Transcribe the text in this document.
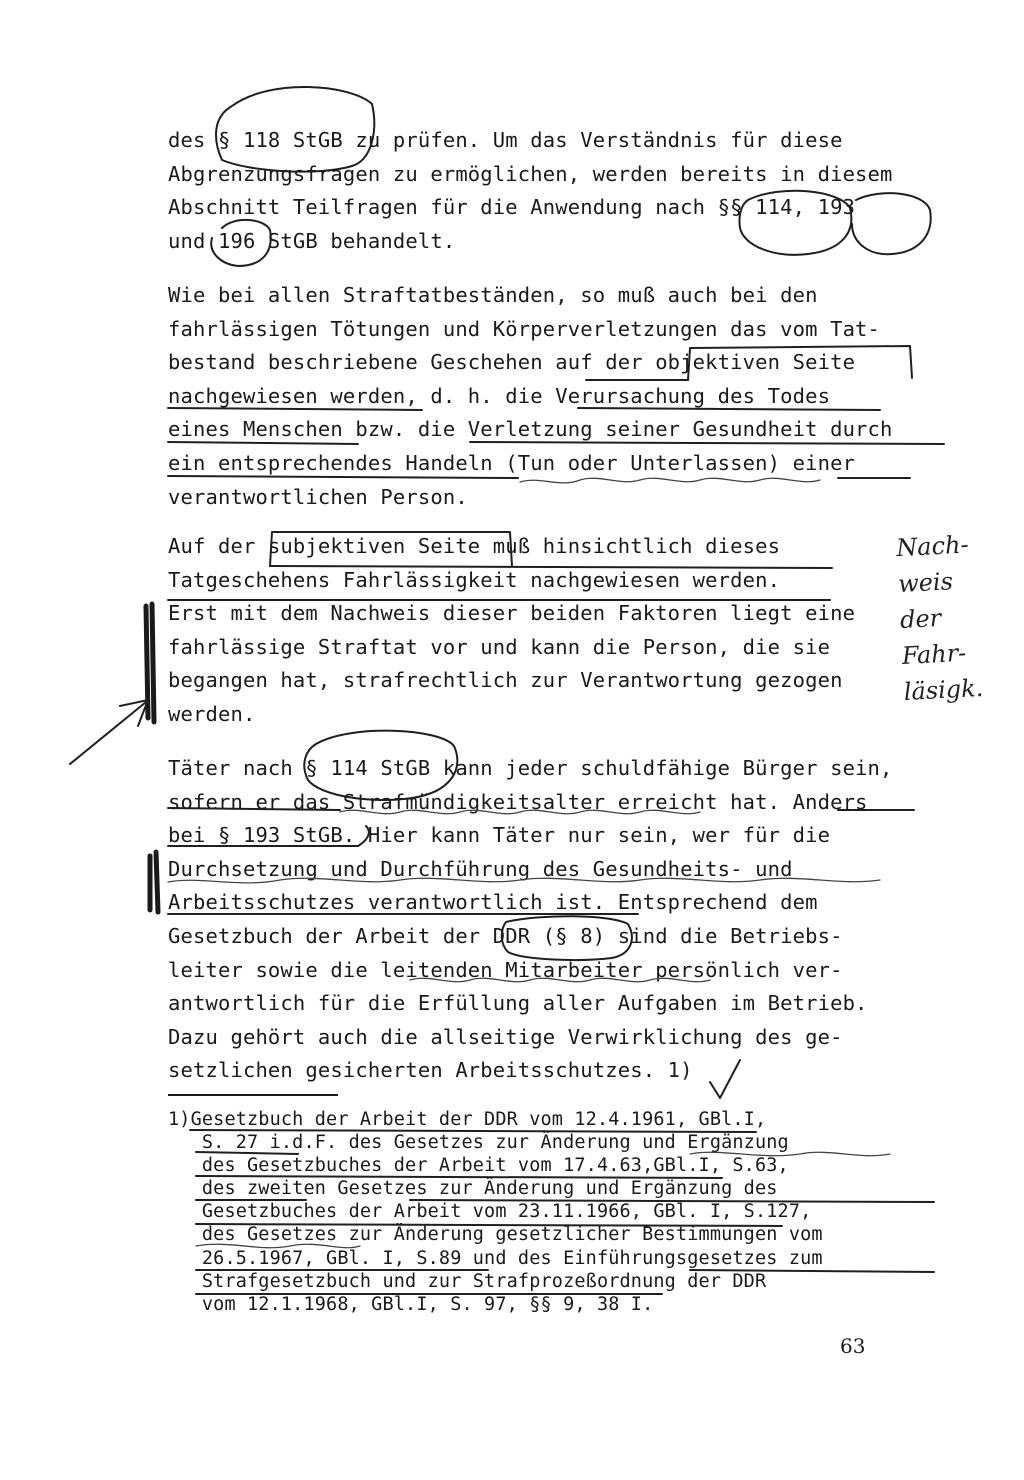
des § 118 StGB zu prüfen. Um das Verständnis für diese
Abgrenzungsfragen zu ermöglichen, werden bereits in diesem
Abschnitt Teilfragen für die Anwendung nach §§ 114, 193
und 196 StGB behandelt.
Wie bei allen Straftatbeständen, so muß auch bei den
fahrlässigen Tötungen und Körperverletzungen das vom Tat-
bestand beschriebene Geschehen auf der objektiven Seite
nachgewiesen werden, d. h. die Verursachung des Todes
eines Menschen bzw. die Verletzung seiner Gesundheit durch
ein entsprechendes Handeln (Tun oder Unterlassen) einer
verantwortlichen Person.
Auf der subjektiven Seite muß hinsichtlich dieses
Tatgeschehens Fahrlässigkeit nachgewiesen werden.
Erst mit dem Nachweis dieser beiden Faktoren liegt eine
fahrlässige Straftat vor und kann die Person, die sie
begangen hat, strafrechtlich zur Verantwortung gezogen
werden.
Täter nach § 114 StGB kann jeder schuldfähige Bürger sein,
sofern er das Strafmündigkeitsalter erreicht hat. Anders
bei § 193 StGB. Hier kann Täter nur sein, wer für die
Durchsetzung und Durchführung des Gesundheits- und
Arbeitsschutzes verantwortlich ist. Entsprechend dem
Gesetzbuch der Arbeit der DDR (§ 8) sind die Betriebs-
leiter sowie die leitenden Mitarbeiter persönlich ver-
antwortlich für die Erfüllung aller Aufgaben im Betrieb.
Dazu gehört auch die allseitige Verwirklichung des ge-
setzlichen gesicherten Arbeitsschutzes. 1)
1)Gesetzbuch der Arbeit der DDR vom 12.4.1961, GBl.I,
S. 27 i.d.F. des Gesetzes zur Änderung und Ergänzung
des Gesetzbuches der Arbeit vom 17.4.63,GBl.I, S.63,
des zweiten Gesetzes zur Änderung und Ergänzung des
Gesetzbuches der Arbeit vom 23.11.1966, GBl. I, S.127,
des Gesetzes zur Änderung gesetzlicher Bestimmungen vom
26.5.1967, GBl. I, S.89 und des Einführungsgesetzes zum
Strafgesetzbuch und zur Strafprozeßordnung der DDR
vom 12.1.1968, GBl.I, S. 97, §§ 9, 38 I.
Nach-
weis
der
Fahr-
läsigk.
63
